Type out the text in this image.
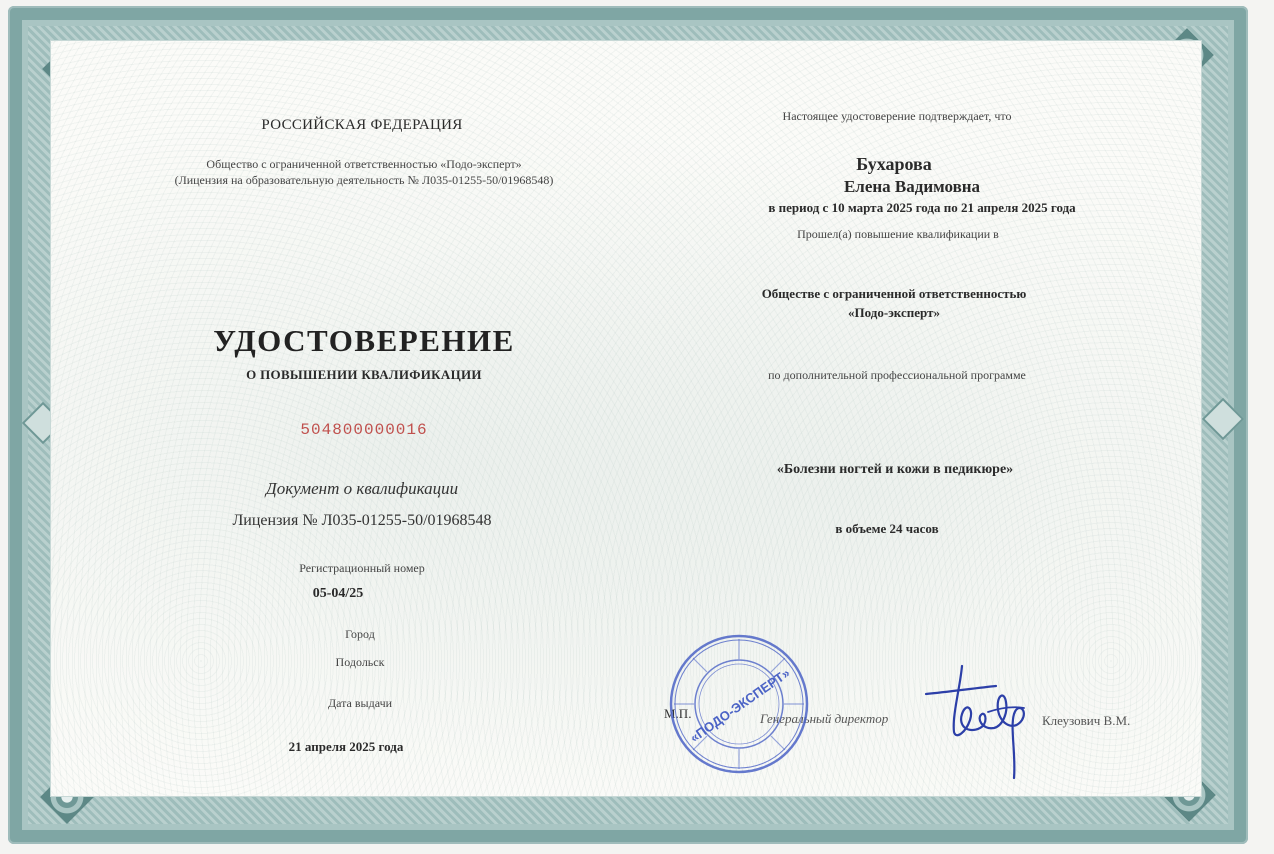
РОССИЙСКАЯ ФЕДЕРАЦИЯ
Общество с ограниченной ответственностью «Подо-эксперт»
(Лицензия на образовательную деятельность № Л035-01255-50/01968548)
УДОСТОВЕРЕНИЕ
О ПОВЫШЕНИИ КВАЛИФИКАЦИИ
504800000016
Документ о квалификации
Лицензия № Л035-01255-50/01968548
Регистрационный номер
05-04/25
Город
Подольск
Дата выдачи
21 апреля 2025 года
Настоящее удостоверение подтверждает, что
Бухарова
Елена Вадимовна
в период с 10 марта 2025 года по 21 апреля 2025 года
Прошел(а) повышение квалификации в
Обществе с ограниченной ответственностью
«Подо-эксперт»
по дополнительной профессиональной программе
«Болезни ногтей и кожи в педикюре»
в объеме 24 часов
М.П.	Генеральный директор	Клеузович В.М.
«ПОДО-ЭКСПЕРТ»
